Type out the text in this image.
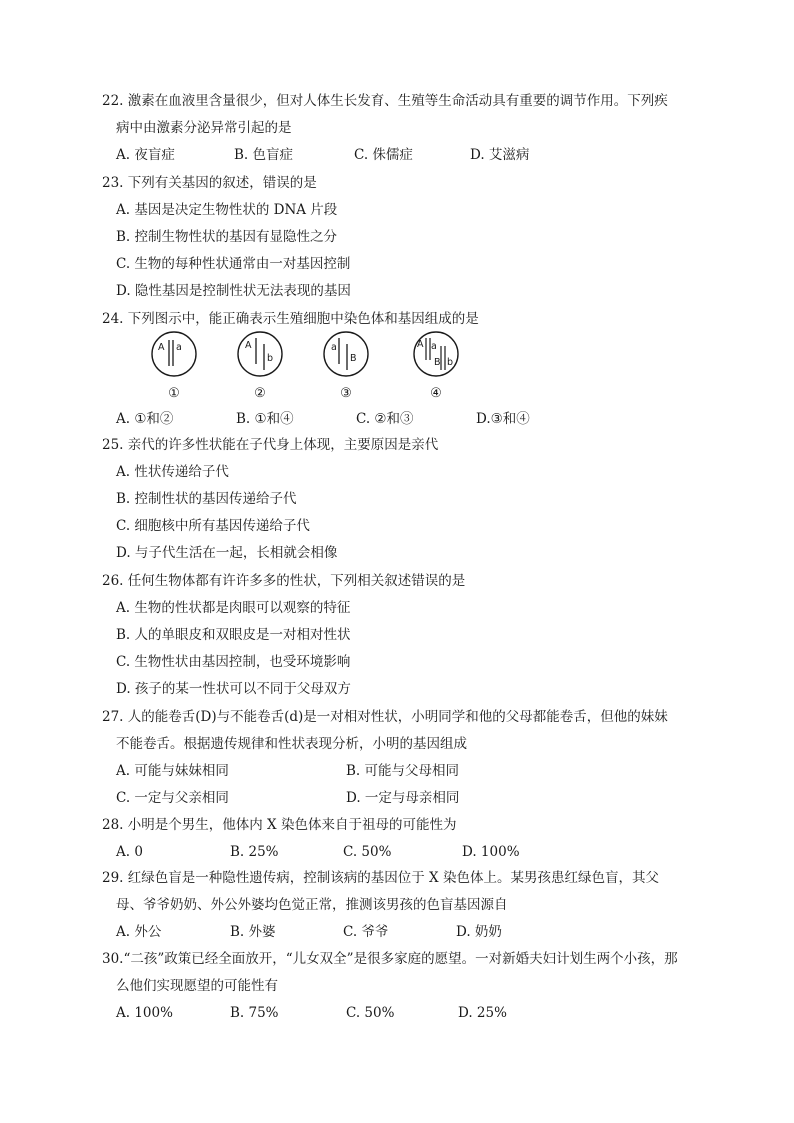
22. 激素在血液里含量很少，但对人体生长发育、生殖等生命活动具有重要的调节作用。下列疾
病中由激素分泌异常引起的是
A. 夜盲症	B. 色盲症	C. 侏儒症	D. 艾滋病
23. 下列有关基因的叙述，错误的是
A. 基因是决定生物性状的 DNA 片段
B. 控制生物性状的基因有显隐性之分
C. 生物的每种性状通常由一对基因控制
D. 隐性基因是控制性状无法表现的基因
24. 下列图示中，能正确表示生殖细胞中染色体和基因组成的是
A a
①
A
b
②
a
B
③
A a
B b
④
A. ①和②	B. ①和④	C. ②和③	D.③和④
25. 亲代的许多性状能在子代身上体现，主要原因是亲代
A. 性状传递给子代
B. 控制性状的基因传递给子代
C. 细胞核中所有基因传递给子代
D. 与子代生活在一起，长相就会相像
26. 任何生物体都有许许多多的性状，下列相关叙述错误的是
A. 生物的性状都是肉眼可以观察的特征
B. 人的单眼皮和双眼皮是一对相对性状
C. 生物性状由基因控制，也受环境影响
D. 孩子的某一性状可以不同于父母双方
27. 人的能卷舌(D)与不能卷舌(d)是一对相对性状，小明同学和他的父母都能卷舌，但他的妹妹
不能卷舌。根据遗传规律和性状表现分析，小明的基因组成
A. 可能与妹妹相同	B. 可能与父母相同
C. 一定与父亲相同	D. 一定与母亲相同
28. 小明是个男生，他体内 X 染色体来自于祖母的可能性为
A. 0	B. 25%	C. 50%	D. 100%
29. 红绿色盲是一种隐性遗传病，控制该病的基因位于 X 染色体上。某男孩患红绿色盲，其父
母、爷爷奶奶、外公外婆均色觉正常，推测该男孩的色盲基因源自
A. 外公	B. 外婆	C. 爷爷	D. 奶奶
30.“二孩”政策已经全面放开，“儿女双全”是很多家庭的愿望。一对新婚夫妇计划生两个小孩，那
么他们实现愿望的可能性有
A. 100%	B. 75%	C. 50%	D. 25%
